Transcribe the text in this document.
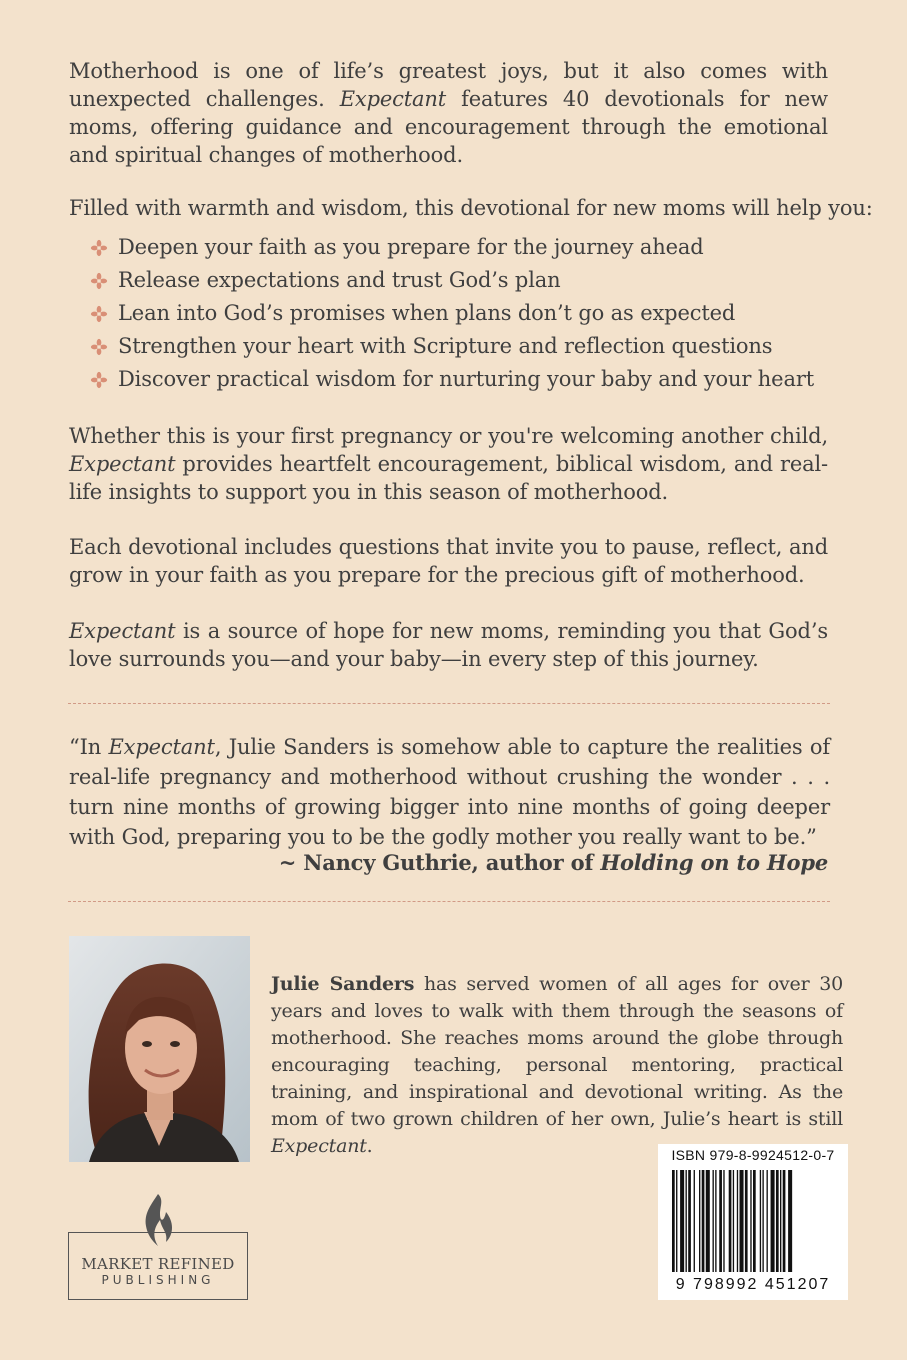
Motherhood is one of life’s greatest joys, but it also comes with unexpected challenges. Expectant features 40 devotionals for new moms, offering guidance and encouragement through the emotional and spiritual changes of motherhood.

Filled with warmth and wisdom, this devotional for new moms will help you:

Deepen your faith as you prepare for the journey ahead
Release expectations and trust God’s plan
Lean into God’s promises when plans don’t go as expected
Strengthen your heart with Scripture and reflection questions
Discover practical wisdom for nurturing your baby and your heart

Whether this is your first pregnancy or you're welcoming another child, Expectant provides heartfelt encouragement, biblical wisdom, and real-life insights to support you in this season of motherhood.

Each devotional includes questions that invite you to pause, reflect, and grow in your faith as you prepare for the precious gift of motherhood.

Expectant is a source of hope for new moms, reminding you that God’s love surrounds you—and your baby—in every step of this journey.

“In Expectant, Julie Sanders is somehow able to capture the realities of real-life pregnancy and motherhood without crushing the wonder . . . turn nine months of growing bigger into nine months of going deeper with God, preparing you to be the godly mother you really want to be.”

~ Nancy Guthrie, author of Holding on to Hope

Julie Sanders has served women of all ages for over 30 years and loves to walk with them through the seasons of motherhood. She reaches moms around the globe through encouraging teaching, personal mentoring, practical training, and inspirational and devotional writing. As the mom of two grown children of her own, Julie’s heart is still Expectant.

MARKET REFINED
PUBLISHING
ISBN 979-8-9924512-0-7
9 798992 451207
